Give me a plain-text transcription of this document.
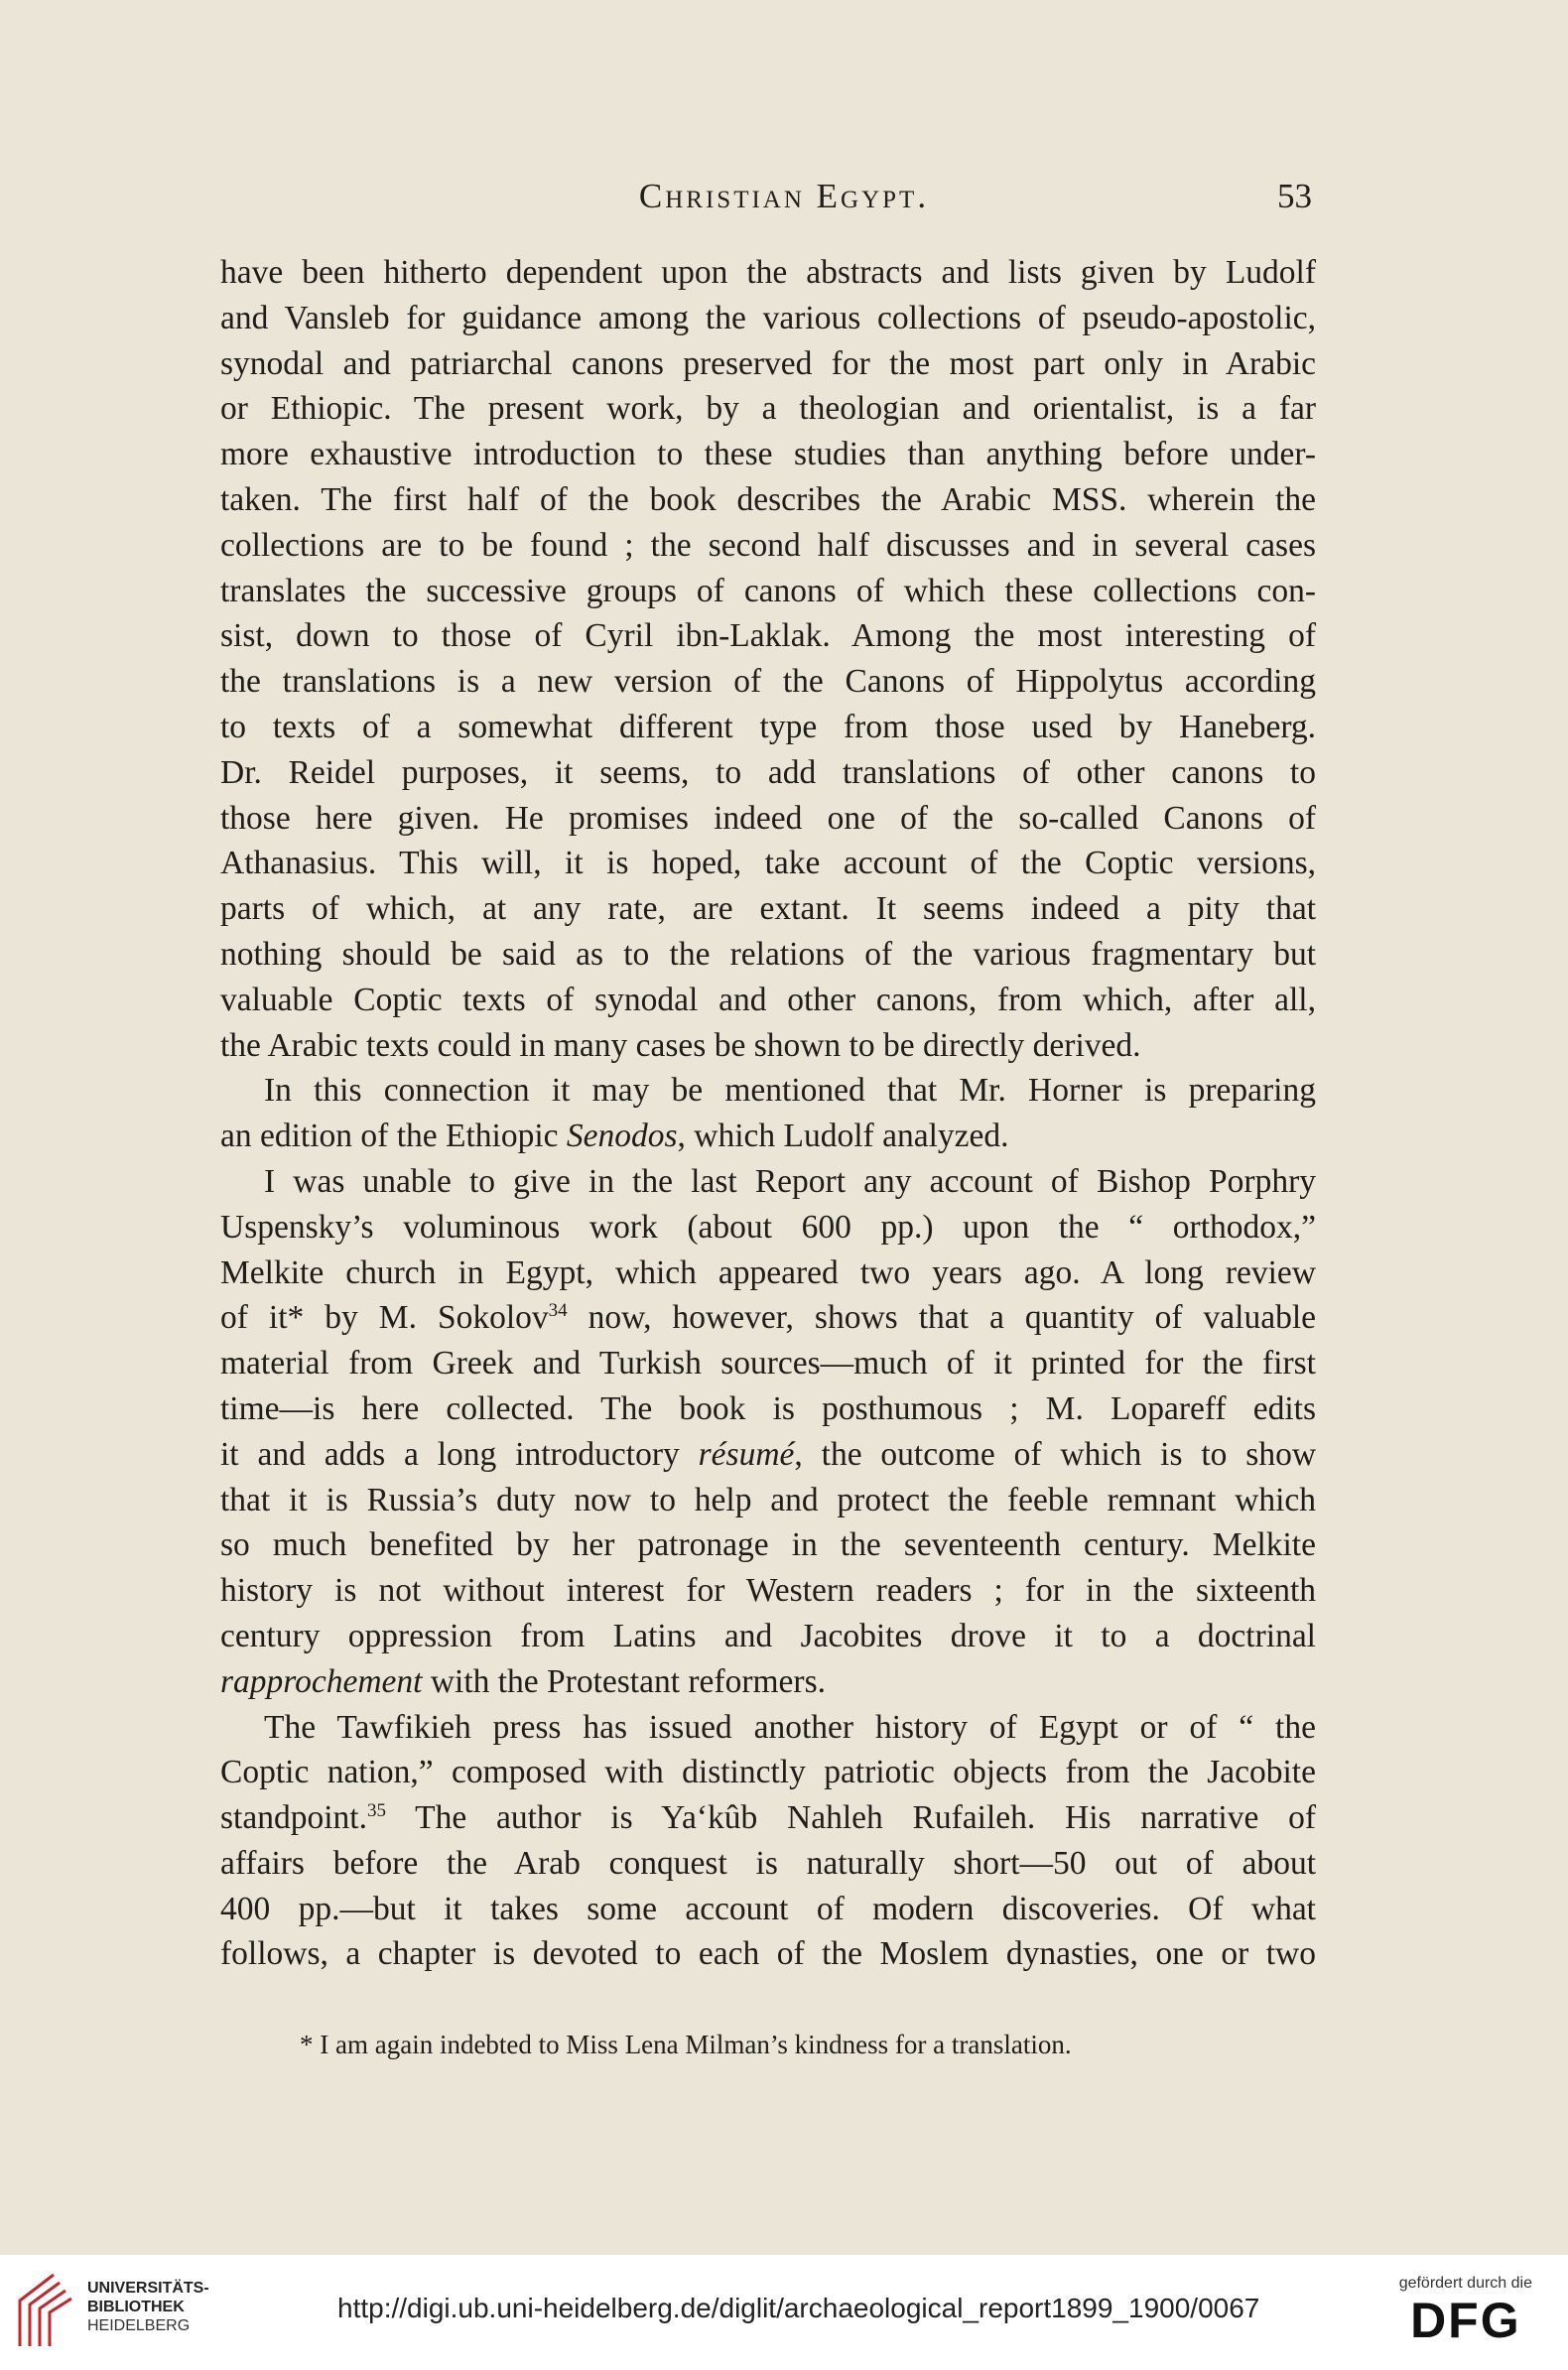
Christian Egypt.	53
have been hitherto dependent upon the abstracts and lists given by Ludolf
and Vansleb for guidance among the various collections of pseudo-apostolic,
synodal and patriarchal canons preserved for the most part only in Arabic
or Ethiopic. The present work, by a theologian and orientalist, is a far
more exhaustive introduction to these studies than anything before under-
taken. The first half of the book describes the Arabic MSS. wherein the
collections are to be found ; the second half discusses and in several cases
translates the successive groups of canons of which these collections con-
sist, down to those of Cyril ibn-Laklak. Among the most interesting of
the translations is a new version of the Canons of Hippolytus according
to texts of a somewhat different type from those used by Haneberg.
Dr. Reidel purposes, it seems, to add translations of other canons to
those here given. He promises indeed one of the so-called Canons of
Athanasius. This will, it is hoped, take account of the Coptic versions,
parts of which, at any rate, are extant. It seems indeed a pity that
nothing should be said as to the relations of the various fragmentary but
valuable Coptic texts of synodal and other canons, from which, after all,
the Arabic texts could in many cases be shown to be directly derived.
In this connection it may be mentioned that Mr. Horner is preparing
an edition of the Ethiopic Senodos, which Ludolf analyzed.
I was unable to give in the last Report any account of Bishop Porphry
Uspensky’s voluminous work (about 600 pp.) upon the “ orthodox,”
Melkite church in Egypt, which appeared two years ago. A long review
of it* by M. Sokolov$^{34}$ now, however, shows that a quantity of valuable
material from Greek and Turkish sources—much of it printed for the first
time—is here collected. The book is posthumous ; M. Lopareff edits
it and adds a long introductory résumé, the outcome of which is to show
that it is Russia’s duty now to help and protect the feeble remnant which
so much benefited by her patronage in the seventeenth century. Melkite
history is not without interest for Western readers ; for in the sixteenth
century oppression from Latins and Jacobites drove it to a doctrinal
rapprochement with the Protestant reformers.
The Tawfikieh press has issued another history of Egypt or of “ the
Coptic nation,” composed with distinctly patriotic objects from the Jacobite
standpoint.$^{35}$ The author is Ya‘kûb Nahleh Rufaileh. His narrative of
affairs before the Arab conquest is naturally short—50 out of about
400 pp.—but it takes some account of modern discoveries. Of what
follows, a chapter is devoted to each of the Moslem dynasties, one or two
* I am again indebted to Miss Lena Milman’s kindness for a translation.
UNIVERSITÄTS-
BIBLIOTHEK
HEIDELBERG
http://digi.ub.uni-heidelberg.de/diglit/archaeological_report1899_1900/0067
gefördert durch die
DFG
